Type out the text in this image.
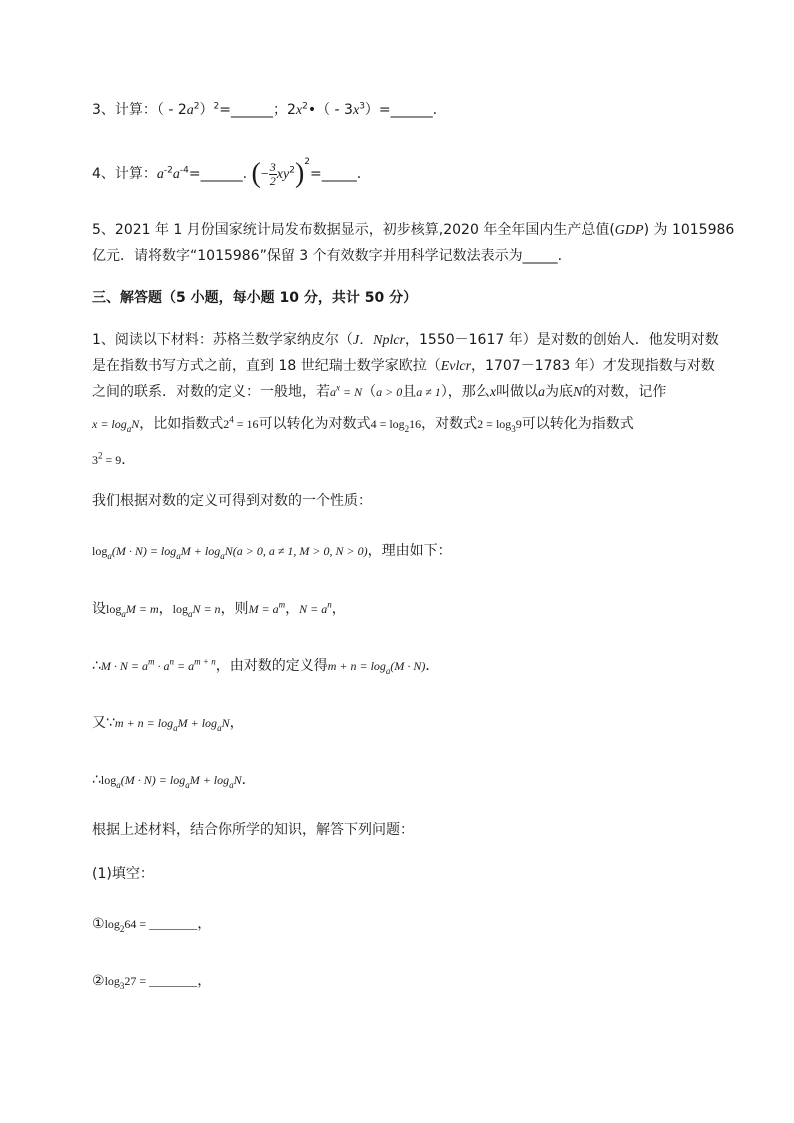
3、计算：（ - $2a^2)^2=\_\_\_\_\_\_$；$2x^2•$（ - $3x^3)=\_\_\_\_\_\_$.
4、计算：$a^{-2}a^{-4}=\_\_\_\_\_\_$. (− $\frac{3}{2}$ $xy^2)^2=\_\_\_\_\_$.
5、2021 年 1 月份国家统计局发布数据显示，初步核算,2020 年全年国内生产总值(GDP) 为 1015986
亿元．请将数字“1015986”保留 3 个有效数字并用科学记数法表示为_____.
三、解答题（5 小题，每小题 10 分，共计 50 分）
1、阅读以下材料：苏格兰数学家纳皮尔（J．Nplcr，1550－1617 年）是对数的创始人．他发明对数
是在指数书写方式之前，直到 18 世纪瑞士数学家欧拉（Evlcr，1707－1783 年）才发现指数与对数
之间的联系．对数的定义：一般地，若$a^x = N(a > 0$且a ≠ 1），那么x叫做以a为底N的对数，记作
$x = \log_aN$，比如指数式$2^4 = 16$可以转化为对数式$4 = \log_216$，对数式$2 = \log_39$可以转化为指数式
$3^2 = 9$．
我们根据对数的定义可得到对数的一个性质：
$\log_a(M \cdot N) = \log_aM + \log_aN(a > 0$, a ≠ 1, M > 0, N > 0)，理由如下：
设$\log_aM = m$，$\log_aN = n$，则$M = a^m$，$N = a^n$，
∴M · $N = a^m \cdot a^n = a^{m + n}$，由对数的定义得$m + n = \log_a(M \cdot N)$．
又∵m + $n = \log_aM + \log_aN$，
$\therefore\log_a(M \cdot N) = \log_aM + \log_aN$．
根据上述材料，结合你所学的知识，解答下列问题：
(1)填空：
$①\log_264$ = ________，
$②\log_327$ = ________，
